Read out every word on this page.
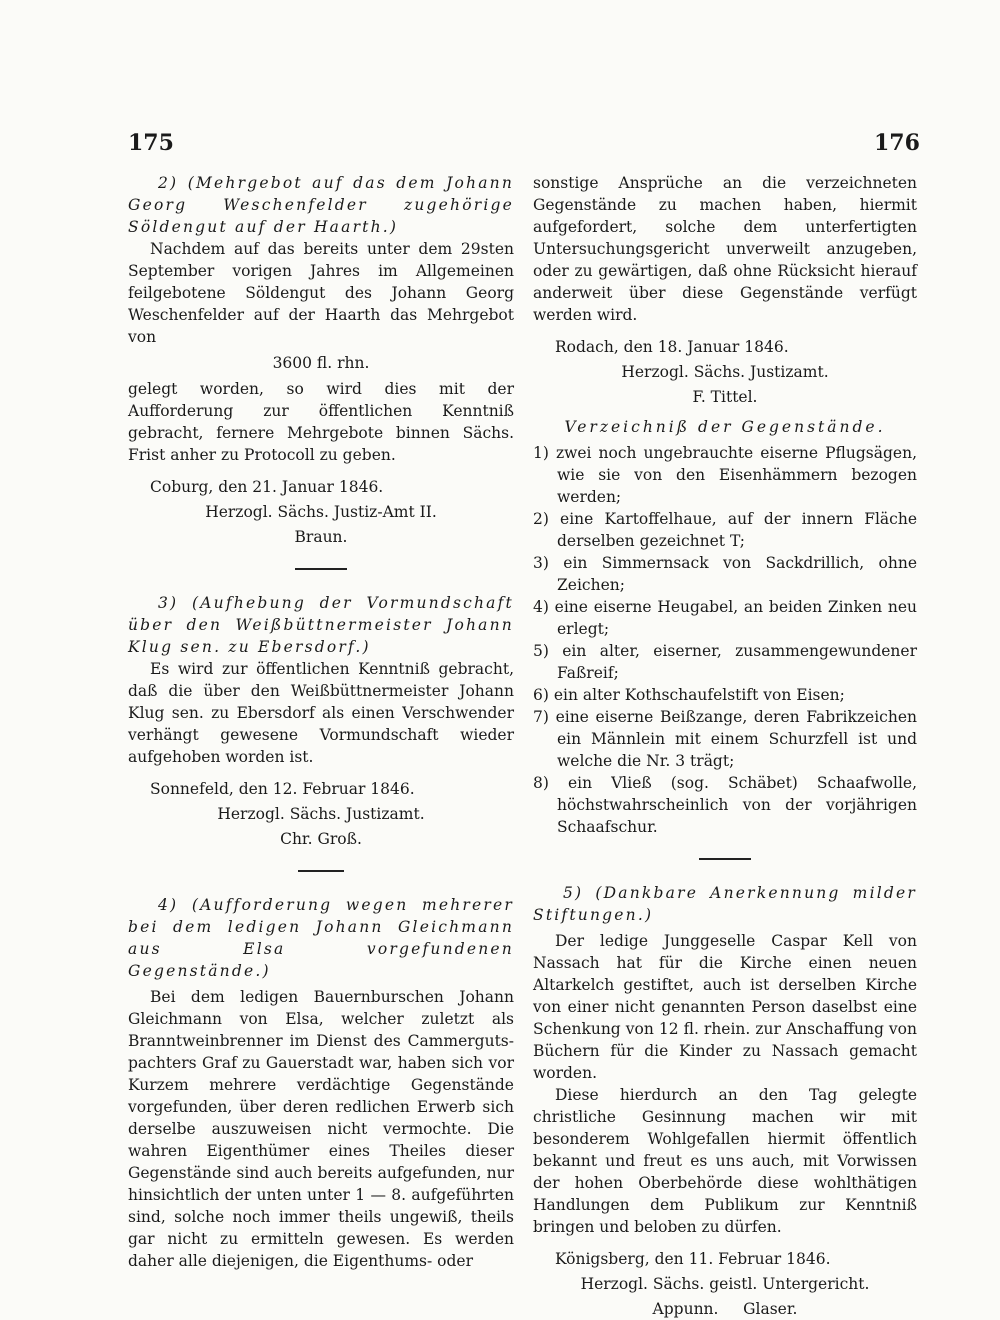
175	176

2) (Mehrgebot auf das dem Johann Georg Weschenfelder zugehörige Söldengut auf der Haarth.)

Nachdem auf das bereits unter dem 29sten September vorigen Jahres im Allgemeinen feilgebotene Söldengut des Johann Georg Weschenfelder auf der Haarth das Mehrgebot von

3600 fl. rhn.

gelegt worden, so wird dies mit der Aufforderung zur öffentlichen Kenntniß gebracht, fernere Mehrgebote binnen Sächs. Frist anher zu Protocoll zu geben.

Coburg, den 21. Januar 1846.

Herzogl. Sächs. Justiz-Amt II.

Braun.

3) (Aufhebung der Vormundschaft über den Weißbüttnermeister Johann Klug sen. zu Ebersdorf.)

Es wird zur öffentlichen Kenntniß gebracht, daß die über den Weißbüttnermeister Johann Klug sen. zu Ebersdorf als einen Verschwender verhängt gewesene Vormundschaft wieder aufgehoben worden ist.

Sonnefeld, den 12. Februar 1846.

Herzogl. Sächs. Justizamt.

Chr. Groß.

4) (Aufforderung wegen mehrerer bei dem ledigen Johann Gleichmann aus Elsa vorgefundenen Gegenstände.)

Bei dem ledigen Bauernburschen Johann Gleichmann von Elsa, welcher zuletzt als Branntweinbrenner im Dienst des Cammergutspachters Graf zu Gauerstadt war, haben sich vor Kurzem mehrere verdächtige Gegenstände vorgefunden, über deren redlichen Erwerb sich derselbe auszuweisen nicht vermochte. Die wahren Eigenthümer eines Theiles dieser Gegenstände sind auch bereits aufgefunden, nur hinsichtlich der unten unter 1 — 8. aufgeführten sind, solche noch immer theils ungewiß, theils gar nicht zu ermitteln gewesen. Es werden daher alle diejenigen, die Eigenthums- oder

sonstige Ansprüche an die verzeichneten Gegenstände zu machen haben, hiermit aufgefordert, solche dem unterfertigten Untersuchungsgericht unverweilt anzugeben, oder zu gewärtigen, daß ohne Rücksicht hierauf anderweit über diese Gegenstände verfügt werden wird.

Rodach, den 18. Januar 1846.

Herzogl. Sächs. Justizamt.

F. Tittel.

Verzeichniß der Gegenstände.

1) zwei noch ungebrauchte eiserne Pflugsägen, wie sie von den Eisenhämmern bezogen werden;
2) eine Kartoffelhaue, auf der innern Fläche derselben gezeichnet T;
3) ein Simmernsack von Sackdrillich, ohne Zeichen;
4) eine eiserne Heugabel, an beiden Zinken neu erlegt;
5) ein alter, eiserner, zusammengewundener Faßreif;
6) ein alter Kothschaufelstift von Eisen;
7) eine eiserne Beißzange, deren Fabrikzeichen ein Männlein mit einem Schurzfell ist und welche die Nr. 3 trägt;
8) ein Vließ (sog. Schäbet) Schaafwolle, höchstwahrscheinlich von der vorjährigen Schaafschur.

5) (Dankbare Anerkennung milder Stiftungen.)

Der ledige Junggeselle Caspar Kell von Nassach hat für die Kirche einen neuen Altarkelch gestiftet, auch ist derselben Kirche von einer nicht genannten Person daselbst eine Schenkung von 12 fl. rhein. zur Anschaffung von Büchern für die Kinder zu Nassach gemacht worden.

Diese hierdurch an den Tag gelegte christliche Gesinnung machen wir mit besonderem Wohlgefallen hiermit öffentlich bekannt und freut es uns auch, mit Vorwissen der hohen Oberbehörde diese wohlthätigen Handlungen dem Publikum zur Kenntniß bringen und beloben zu dürfen.

Königsberg, den 11. Februar 1846.

Herzogl. Sächs. geistl. Untergericht.

Appunn. Glaser.
